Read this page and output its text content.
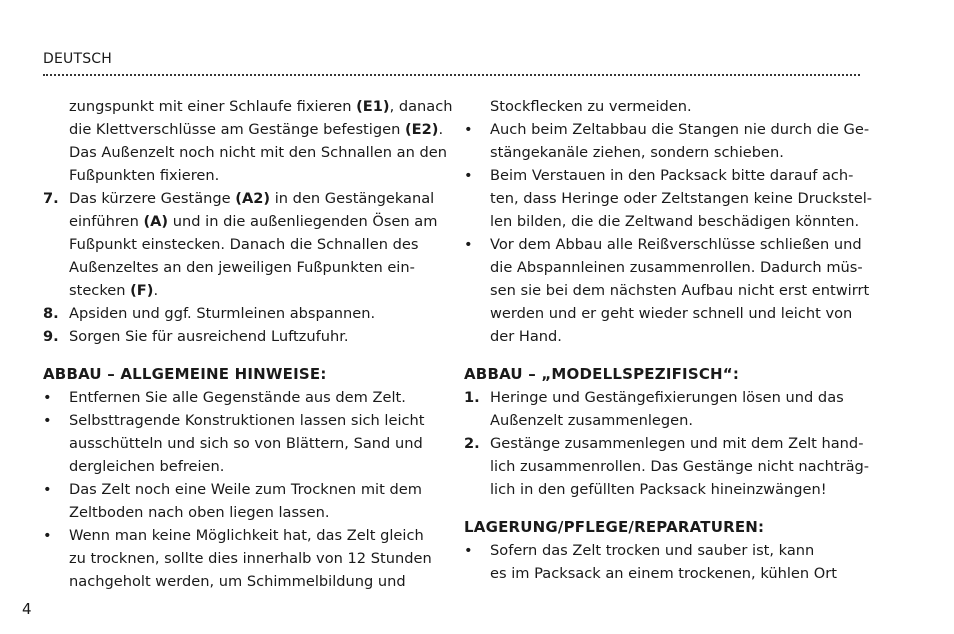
DEUTSCH
zungspunkt mit einer Schlaufe fixieren (E1), danach
die Klettverschlüsse am Gestänge befestigen (E2).
Das Außenzelt noch nicht mit den Schnallen an den
Fußpunkten fixieren.
7. Das kürzere Gestänge (A2) in den Gestängekanal
einführen (A) und in die außenliegenden Ösen am
Fußpunkt einstecken. Danach die Schnallen des
Außenzeltes an den jeweiligen Fußpunkten ein-
stecken (F).
8. Apsiden und ggf. Sturmleinen abspannen.
9. Sorgen Sie für ausreichend Luftzufuhr.
ABBAU – ALLGEMEINE HINWEISE:
• Entfernen Sie alle Gegenstände aus dem Zelt.
• Selbsttragende Konstruktionen lassen sich leicht
ausschütteln und sich so von Blättern, Sand und
dergleichen befreien.
• Das Zelt noch eine Weile zum Trocknen mit dem
Zeltboden nach oben liegen lassen.
• Wenn man keine Möglichkeit hat, das Zelt gleich
zu trocknen, sollte dies innerhalb von 12 Stunden
nachgeholt werden, um Schimmelbildung und
Stockflecken zu vermeiden.
• Auch beim Zeltabbau die Stangen nie durch die Ge-
stängekanäle ziehen, sondern schieben.
• Beim Verstauen in den Packsack bitte darauf ach-
ten, dass Heringe oder Zeltstangen keine Druckstel-
len bilden, die die Zeltwand beschädigen könnten.
• Vor dem Abbau alle Reißverschlüsse schließen und
die Abspannleinen zusammenrollen. Dadurch müs-
sen sie bei dem nächsten Aufbau nicht erst entwirrt
werden und er geht wieder schnell und leicht von
der Hand.
ABBAU – „MODELLSPEZIFISCH“:
1. Heringe und Gestängefixierungen lösen und das
Außenzelt zusammenlegen.
2. Gestänge zusammenlegen und mit dem Zelt hand-
lich zusammenrollen. Das Gestänge nicht nachträg-
lich in den gefüllten Packsack hineinzwängen!
LAGERUNG/PFLEGE/REPARATUREN:
• Sofern das Zelt trocken und sauber ist, kann
es im Packsack an einem trockenen, kühlen Ort
4
